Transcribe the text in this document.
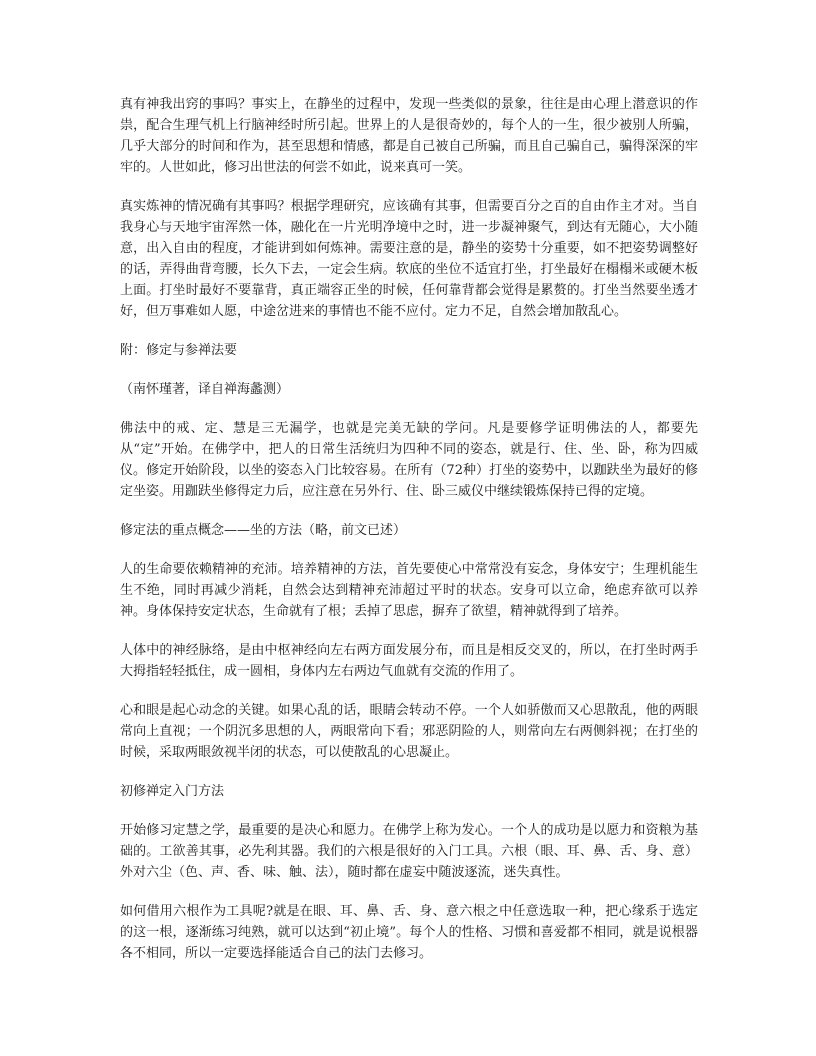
真有神我出窍的事吗？事实上，在静坐的过程中，发现一些类似的景象，往往是由心理上潜意识的作祟，配合生理气机上行脑神经时所引起。世界上的人是很奇妙的，每个人的一生，很少被别人所骗，几乎大部分的时间和作为，甚至思想和情感，都是自己被自己所骗，而且自己骗自己，骗得深深的牢牢的。人世如此，修习出世法的何尝不如此，说来真可一笑。

真实炼神的情况确有其事吗？根据学理研究，应该确有其事，但需要百分之百的自由作主才对。当自我身心与天地宇宙浑然一体，融化在一片光明净境中之时，进一步凝神聚气，到达有无随心，大小随意，出入自由的程度，才能讲到如何炼神。需要注意的是，静坐的姿势十分重要，如不把姿势调整好的话，弄得曲背弯腰，长久下去，一定会生病。软底的坐位不适宜打坐，打坐最好在榻榻米或硬木板上面。打坐时最好不要靠背，真正端容正坐的时候，任何靠背都会觉得是累赘的。打坐当然要坐透才好，但万事难如人愿，中途岔进来的事情也不能不应付。定力不足，自然会增加散乱心。

附：修定与参禅法要

（南怀瑾著，译自禅海蠡测）

佛法中的戒、定、慧是三无漏学，也就是完美无缺的学问。凡是要修学证明佛法的人，都要先从“定”开始。在佛学中，把人的日常生活统归为四种不同的姿态，就是行、住、坐、卧，称为四威仪。修定开始阶段，以坐的姿态入门比较容易。在所有（72种）打坐的姿势中，以跏趺坐为最好的修定坐姿。用跏趺坐修得定力后，应注意在另外行、住、卧三威仪中继续锻炼保持已得的定境。

修定法的重点概念——坐的方法（略，前文已述）

人的生命要依赖精神的充沛。培养精神的方法，首先要使心中常常没有妄念，身体安宁；生理机能生生不绝，同时再减少消耗，自然会达到精神充沛超过平时的状态。安身可以立命，绝虑弃欲可以养神。身体保持安定状态，生命就有了根；丢掉了思虑，摒弃了欲望，精神就得到了培养。

人体中的神经脉络，是由中枢神经向左右两方面发展分布，而且是相反交叉的，所以，在打坐时两手大拇指轻轻抵住，成一圆相，身体内左右两边气血就有交流的作用了。

心和眼是起心动念的关键。如果心乱的话，眼睛会转动不停。一个人如骄傲而又心思散乱，他的两眼常向上直视；一个阴沉多思想的人，两眼常向下看；邪恶阴险的人，则常向左右两侧斜视；在打坐的时候，采取两眼敛视半闭的状态，可以使散乱的心思凝止。

初修禅定入门方法

开始修习定慧之学，最重要的是决心和愿力。在佛学上称为发心。一个人的成功是以愿力和资粮为基础的。工欲善其事，必先利其器。我们的六根是很好的入门工具。六根（眼、耳、鼻、舌、身、意）外对六尘（色、声、香、味、触、法），随时都在虚妄中随波逐流，迷失真性。

如何借用六根作为工具呢?就是在眼、耳、鼻、舌、身、意六根之中任意选取一种，把心缘系于选定的这一根，逐渐练习纯熟，就可以达到“初止境”。每个人的性格、习惯和喜爱都不相同，就是说根器各不相同，所以一定要选择能适合自己的法门去修习。
